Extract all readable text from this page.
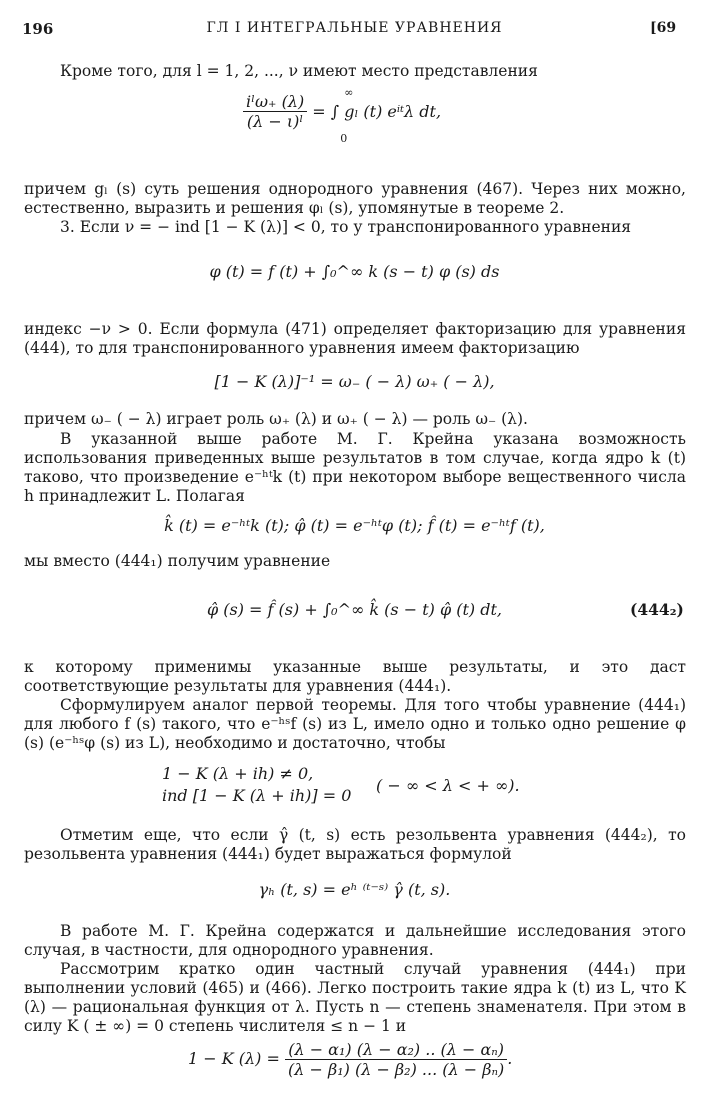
196	ГЛ I ИНТЕГРАЛЬНЫЕ УРАВНЕНИЯ	[69
Кроме того, для l = 1, 2, ..., ν имеют место представления
$\frac{\text{iˡω₊ (λ)}}{\text{(λ − ι)ˡ}}$
	∞
= ∫ gₗ (t) eⁱᵗλ dt,
0
причем gₗ (s) суть решения однородного уравнения (467). Через них можно, естественно, выразить и решения φₗ (s), упомянутые в теореме 2.
3. Если ν = − ind [1 − K (λ)] < 0, то у транспонированного уравнения
φ (t) = f (t) + ∫₀^∞ k (s − t) φ (s) ds
индекс −ν > 0. Если формула (471) определяет факторизацию для уравнения (444), то для транспонированного уравнения имеем факторизацию
[1 − K (λ)]⁻¹ = ω₋ ( − λ) ω₊ ( − λ),
причем ω₋ ( − λ) играет роль ω₊ (λ) и ω₊ ( − λ) — роль ω₋ (λ).
В указанной выше работе М. Г. Крейна указана возможность использования приведенных выше результатов в том случае, когда ядро k (t) таково, что произведение e⁻ʰᵗk (t) при некотором выборе вещественного числа h принадлежит L. Полагая
k̂ (t) = e⁻ʰᵗk (t); φ̂ (t) = e⁻ʰᵗφ (t); f̂ (t) = e⁻ʰᵗf (t),
мы вместо (444₁) получим уравнение
φ̂ (s) = f̂ (s) + ∫₀^∞ k̂ (s − t) φ̂ (t) dt,	(444₂)
к которому применимы указанные выше результаты, и это даст соответствующие результаты для уравнения (444₁).
Сформулируем аналог первой теоремы. Для того чтобы уравнение (444₁) для любого f (s) такого, что e⁻ʰˢf (s) из L, имело одно и только одно решение φ (s) (e⁻ʰˢφ (s) из L), необходимо и достаточно, чтобы
1 − K (λ + ih) ≠ 0,
ind [1 − K (λ + ih)] = 0
( − ∞ < λ < + ∞).
Отметим еще, что если γ̂ (t, s) есть резольвента уравнения (444₂), то резольвента уравнения (444₁) будет выражаться формулой
γₕ (t, s) = eʰ ⁽ᵗ⁻ˢ⁾ γ̂ (t, s).
В работе М. Г. Крейна содержатся и дальнейшие исследования этого случая, в частности, для однородного уравнения.
Рассмотрим кратко один частный случай уравнения (444₁) при выполнении условий (465) и (466). Легко построить такие ядра k (t) из L, что K (λ) — рациональная функция от λ. Пусть n — степень знаменателя. При этом в силу K ( ± ∞) = 0 степень числителя ≤ n − 1 и
1 − K $(\lambda) = \frac{\text{(λ − α₁) (λ − α₂) .. (λ − αₙ)}}{\text{(λ − β₁) (λ − β₂) ... (λ − βₙ)}}$ .
